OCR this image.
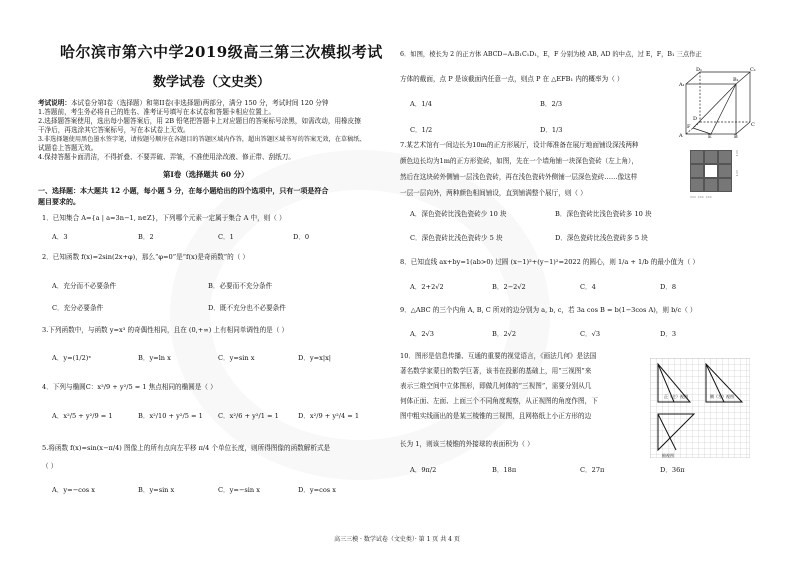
哈尔滨市第六中学2019级高三第三次模拟考试
数学试卷（文史类）
考试说明：本试卷分第I卷（选择题）和第II卷(非选择题)两部分，满分 150 分，考试时间 120 分钟
1.答题前，考生务必将自己的姓名、准考证号填写在本试卷和答题卡相应位置上。
2.选择题答案使用，选出每小题答案后，用 2B 铅笔把答题卡上对应题目的答案标号涂黑，如需改动，用橡皮擦
干净后，再选涂其它答案标号，写在本试卷上无效。
3.非选择题使用黑色墨水签字笔，请按题号顺序在各题目的答题区域内作答，超出答题区域书写的答案无效，在草稿纸、
试题卷上答题无效。
4.保持答题卡面清洁，不得折叠、不要弄破、弄皱，不准使用涂改液、修正带、刮纸刀。
第Ⅰ卷（选择题共 60 分）
一、选择题：本大题共 12 小题，每小题 5 分，在每小题给出的四个选项中，只有一项是符合
题目要求的。
1．已知集合 A={a | a=3n−1, n∈Z}，下列哪个元素一定属于集合 A 中，则（ ）
A．3	B．2	C．1	D．0
2．已知函数 f(x)=2sin(2x+φ)，那么“φ=0”是“f(x)是奇函数”的（ ）
A．充分而不必要条件	B．必要而不充分条件
C．充分必要条件	D．既不充分也不必要条件
3.下列函数中，与函数 y=x³ 的奇偶性相同，且在 (0,+∞) 上有相同单调性的是（ ）
A．y=(1/2)ˣ	B．y=ln x	C．y=sin x	D．y=x|x|
4．下列与椭圆C：x²/9 + y²/5 = 1 焦点相同的椭圆是（ ）
A．x²/5 + y²/9 = 1	B．x²/10 + y²/5 = 1 C．x²/6 + y²/1 = 1	D．x²/9 + y²/4 = 1
5.将函数 f(x)=sin(x−π/4) 图像上的所有点向左平移 π/4 个单位长度，则所得图像的函数解析式是
（ ）
A．y=−cos x	B．y=sin x	C．y=−sin x	D．y=cos x
6．如图，棱长为 2 的正方体 ABCD−A₁B₁C₁D₁，E，F 分别为棱 AB, AD 的中点，过 E，F，B₁ 三点作正
方体的截面，点 P 是该截面内任意一点，则点 P 在 △EFB₁ 内的概率为（ ）
A．1/4	B．2/3
C．1/2	D．1/3
A₁
B₁
C₁
D₁
A	B
C
D
E
F
7.某艺术馆有一间边长为10m的正方形展厅，设计师准备在展厅地面铺设深浅两种
颜色边长均为1m的正方形瓷砖，如图，先在一个墙角铺一块深色瓷砖（左上角），
然后在这块砖外侧铺一层浅色瓷砖，再在浅色瓷砖外侧铺一层深色瓷砖……像这样
一层一层向外，两种颜色相间铺设，直到铺满整个展厅，则（ ）
A．深色瓷砖比浅色瓷砖少 10 块	B．深色瓷砖比浅色瓷砖多 10 块
C．深色瓷砖比浅色瓷砖少 5 块	D．深色瓷砖比浅色瓷砖多 5 块
⋮
⋮
⋯ ⋯ ⋯
8．已知直线 ax+by=1(ab>0) 过圆 (x−1)²+(y−1)²=2022 的圆心，则 1/a + 1/b 的最小值为（ ）
A．2+2√2	B．2−2√2	C．4	D．8
9．△ABC 的三个内角 A, B, C 所对的边分别为 a, b, c，若 3a cos B = b(1−3cos A)，则 b/c（ ）
A．2√3	B．2√2	C．√3	D．3
10．图形是信息传播、互通的重要的视觉语言，《画法几何》是法国
著名数学家蒙日的数学巨著，该书在投影的基础上，用“三视图”来
表示三维空间中立体图形，即做几何体的“三视图”，需要分别从几
何体正面、左面、上面三个不同角度观察，从正视图的角度作图，下
图中粗实线画出的是某三棱锥的三视图，且网格纸上小正方形的边
长为 1，则该三棱锥的外接球的表面积为（ ）
A．9π/2	B．18π	C．27π	D．36π
正（主）视图	侧（左）视图
俯视图
高三三模 · 数学试卷（文史类）· 第 1 页 共 4 页
